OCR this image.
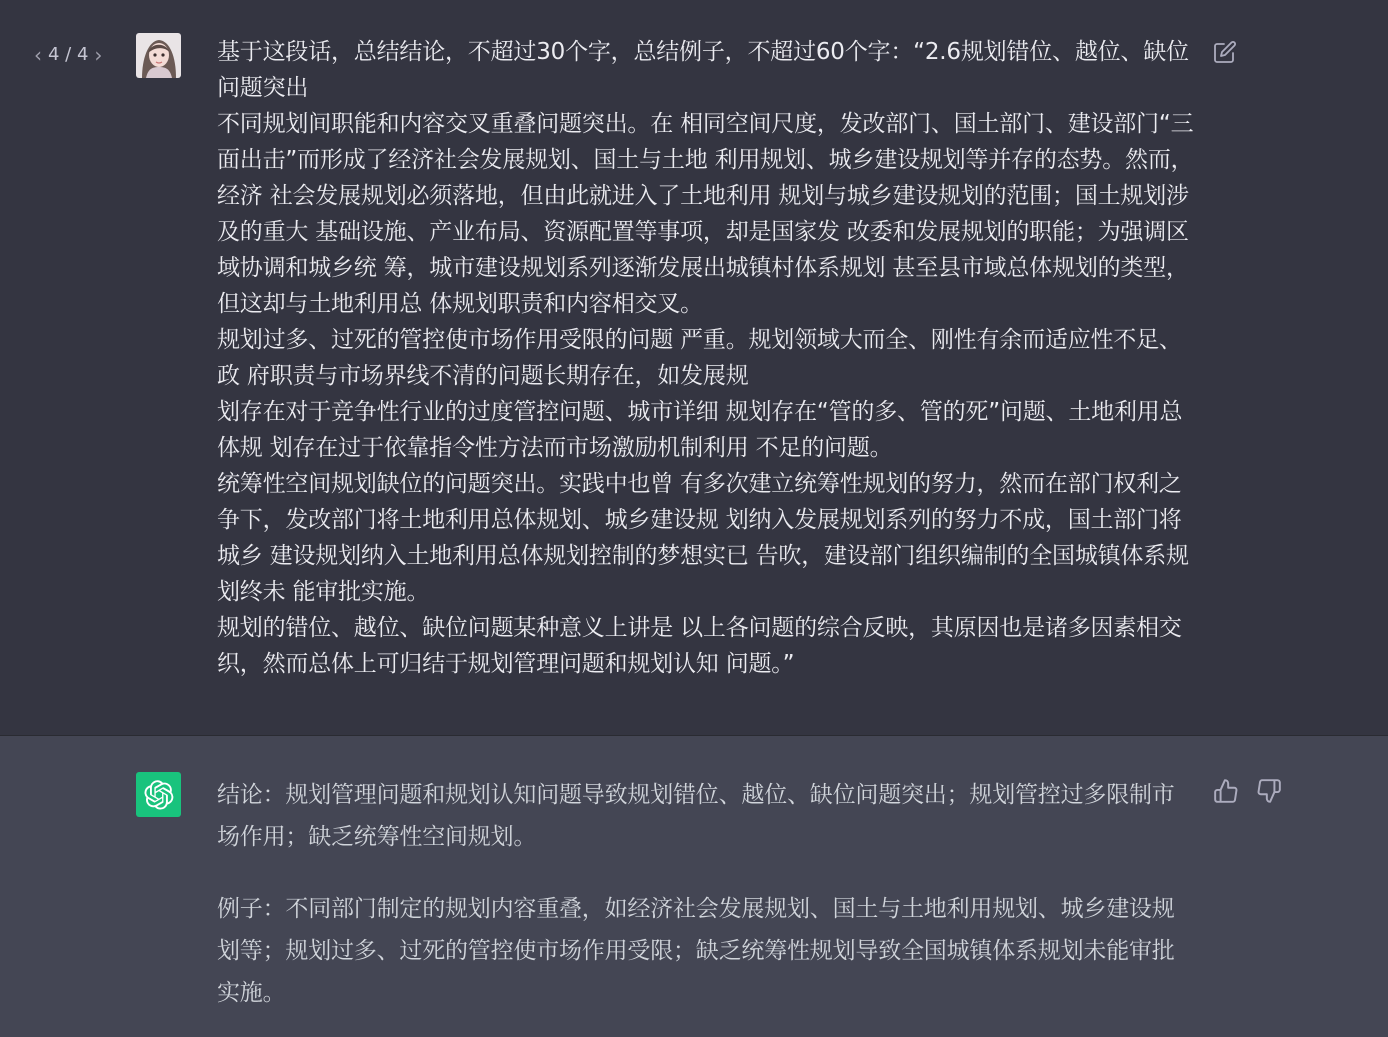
‹ 4 / 4 ›	基于这段话，总结结论，不超过30个字，总结例子，不超过60个字：“2.6规划错位、越位、缺位问题突出

不同规划间职能和内容交叉重叠问题突出。在 相同空间尺度，发改部门、国土部门、建设部门“三 面出击”而形成了经济社会发展规划、国土与土地 利用规划、城乡建设规划等并存的态势。然而，经济 社会发展规划必须落地，但由此就进入了土地利用 规划与城乡建设规划的范围；国土规划涉及的重大 基础设施、产业布局、资源配置等事项，却是国家发 改委和发展规划的职能；为强调区域协调和城乡统 筹，城市建设规划系列逐渐发展出城镇村体系规划 甚至县市域总体规划的类型，但这却与土地利用总 体规划职责和内容相交叉。

规划过多、过死的管控使市场作用受限的问题 严重。规划领域大而全、刚性有余而适应性不足、政 府职责与市场界线不清的问题长期存在，如发展规

划存在对于竞争性行业的过度管控问题、城市详细 规划存在“管的多、管的死”问题、土地利用总体规 划存在过于依靠指令性方法而市场激励机制利用 不足的问题。

统筹性空间规划缺位的问题突出。实践中也曾 有多次建立统筹性规划的努力，然而在部门权利之 争下，发改部门将土地利用总体规划、城乡建设规 划纳入发展规划系列的努力不成，国土部门将城乡 建设规划纳入土地利用总体规划控制的梦想实已 告吹，建设部门组织编制的全国城镇体系规划终未 能审批实施。

规划的错位、越位、缺位问题某种意义上讲是 以上各问题的综合反映，其原因也是诸多因素相交 织，然而总体上可归结于规划管理问题和规划认知 问题。”

结论：规划管理问题和规划认知问题导致规划错位、越位、缺位问题突出；规划管控过多限制市场作用；缺乏统筹性空间规划。

例子：不同部门制定的规划内容重叠，如经济社会发展规划、国土与土地利用规划、城乡建设规划等；规划过多、过死的管控使市场作用受限；缺乏统筹性规划导致全国城镇体系规划未能审批实施。
